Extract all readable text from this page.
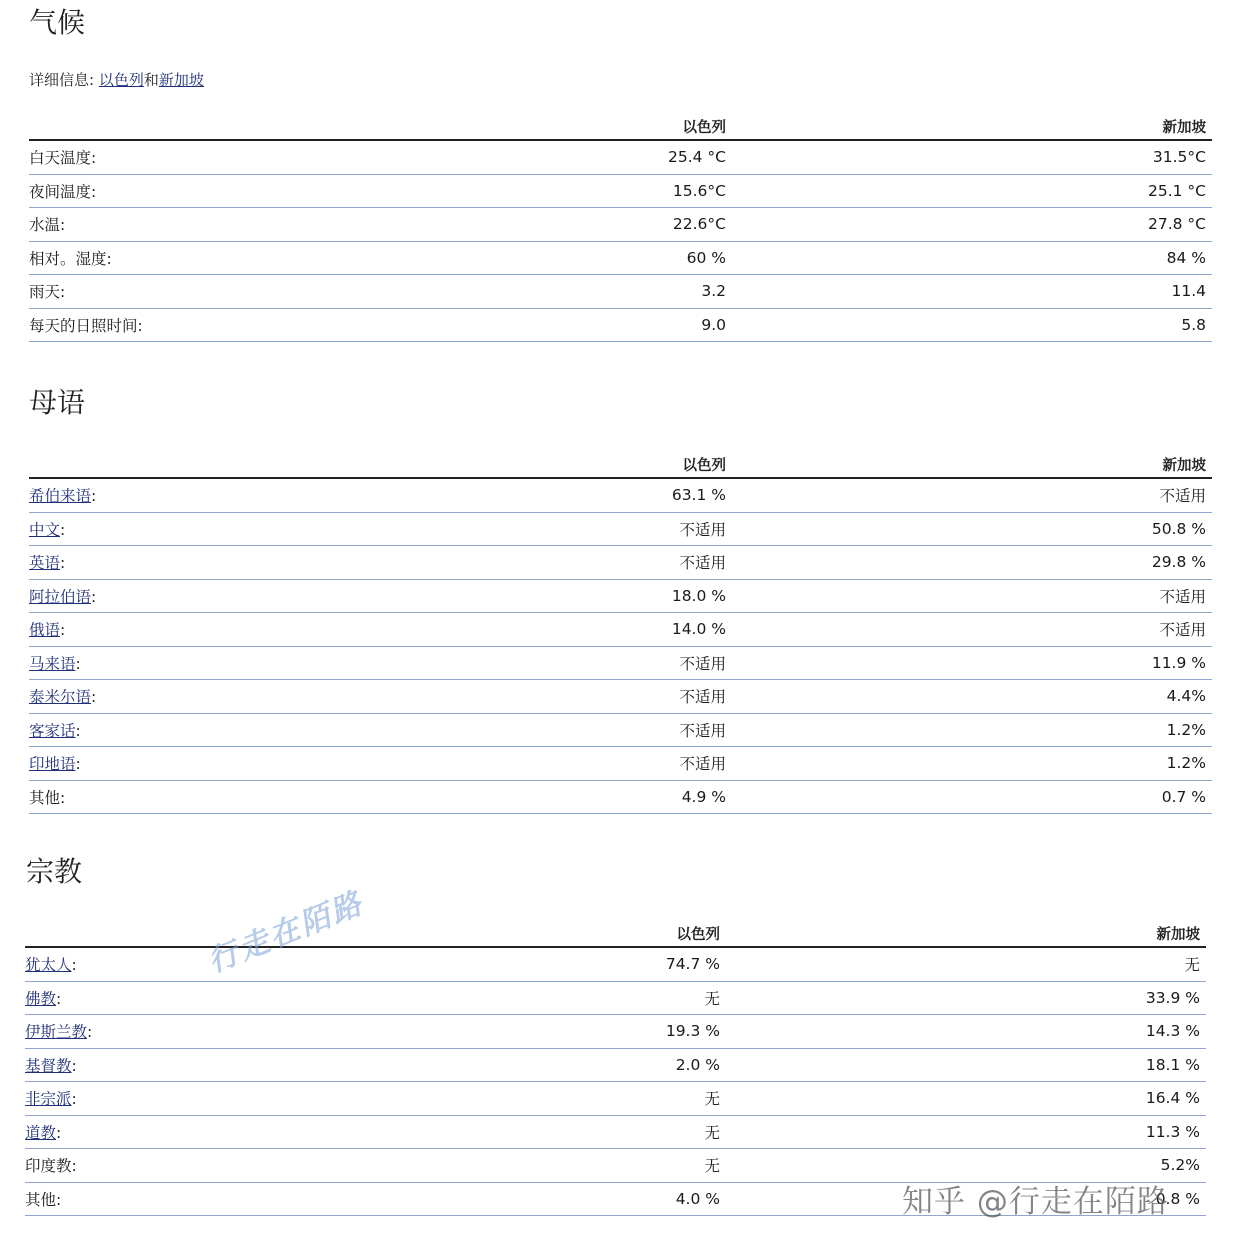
气候
详细信息: 以色列和新加坡
	以色列	新加坡
白天温度:	25.4 °C	31.5°C
夜间温度:	15.6°C	25.1 °C
水温:	22.6°C	27.8 °C
相对。湿度:	60 %	84 %
雨天:	3.2	11.4
每天的日照时间:	9.0	5.8
母语
	以色列	新加坡
希伯来语:	63.1 %	不适用
中文:	不适用	50.8 %
英语:	不适用	29.8 %
阿拉伯语:	18.0 %	不适用
俄语:	14.0 %	不适用
马来语:	不适用	11.9 %
泰米尔语:	不适用	4.4%
客家话:	不适用	1.2%
印地语:	不适用	1.2%
其他:	4.9 %	0.7 %
宗教
	以色列	新加坡
犹太人:	74.7 %	无
佛教:	无	33.9 %
伊斯兰教:	19.3 %	14.3 %
基督教:	2.0 %	18.1 %
非宗派:	无	16.4 %
道教:	无	11.3 %
印度教:	无	5.2%
其他:	4.0 %	0.8 %
行走在陌路
知乎 @行走在陌路
